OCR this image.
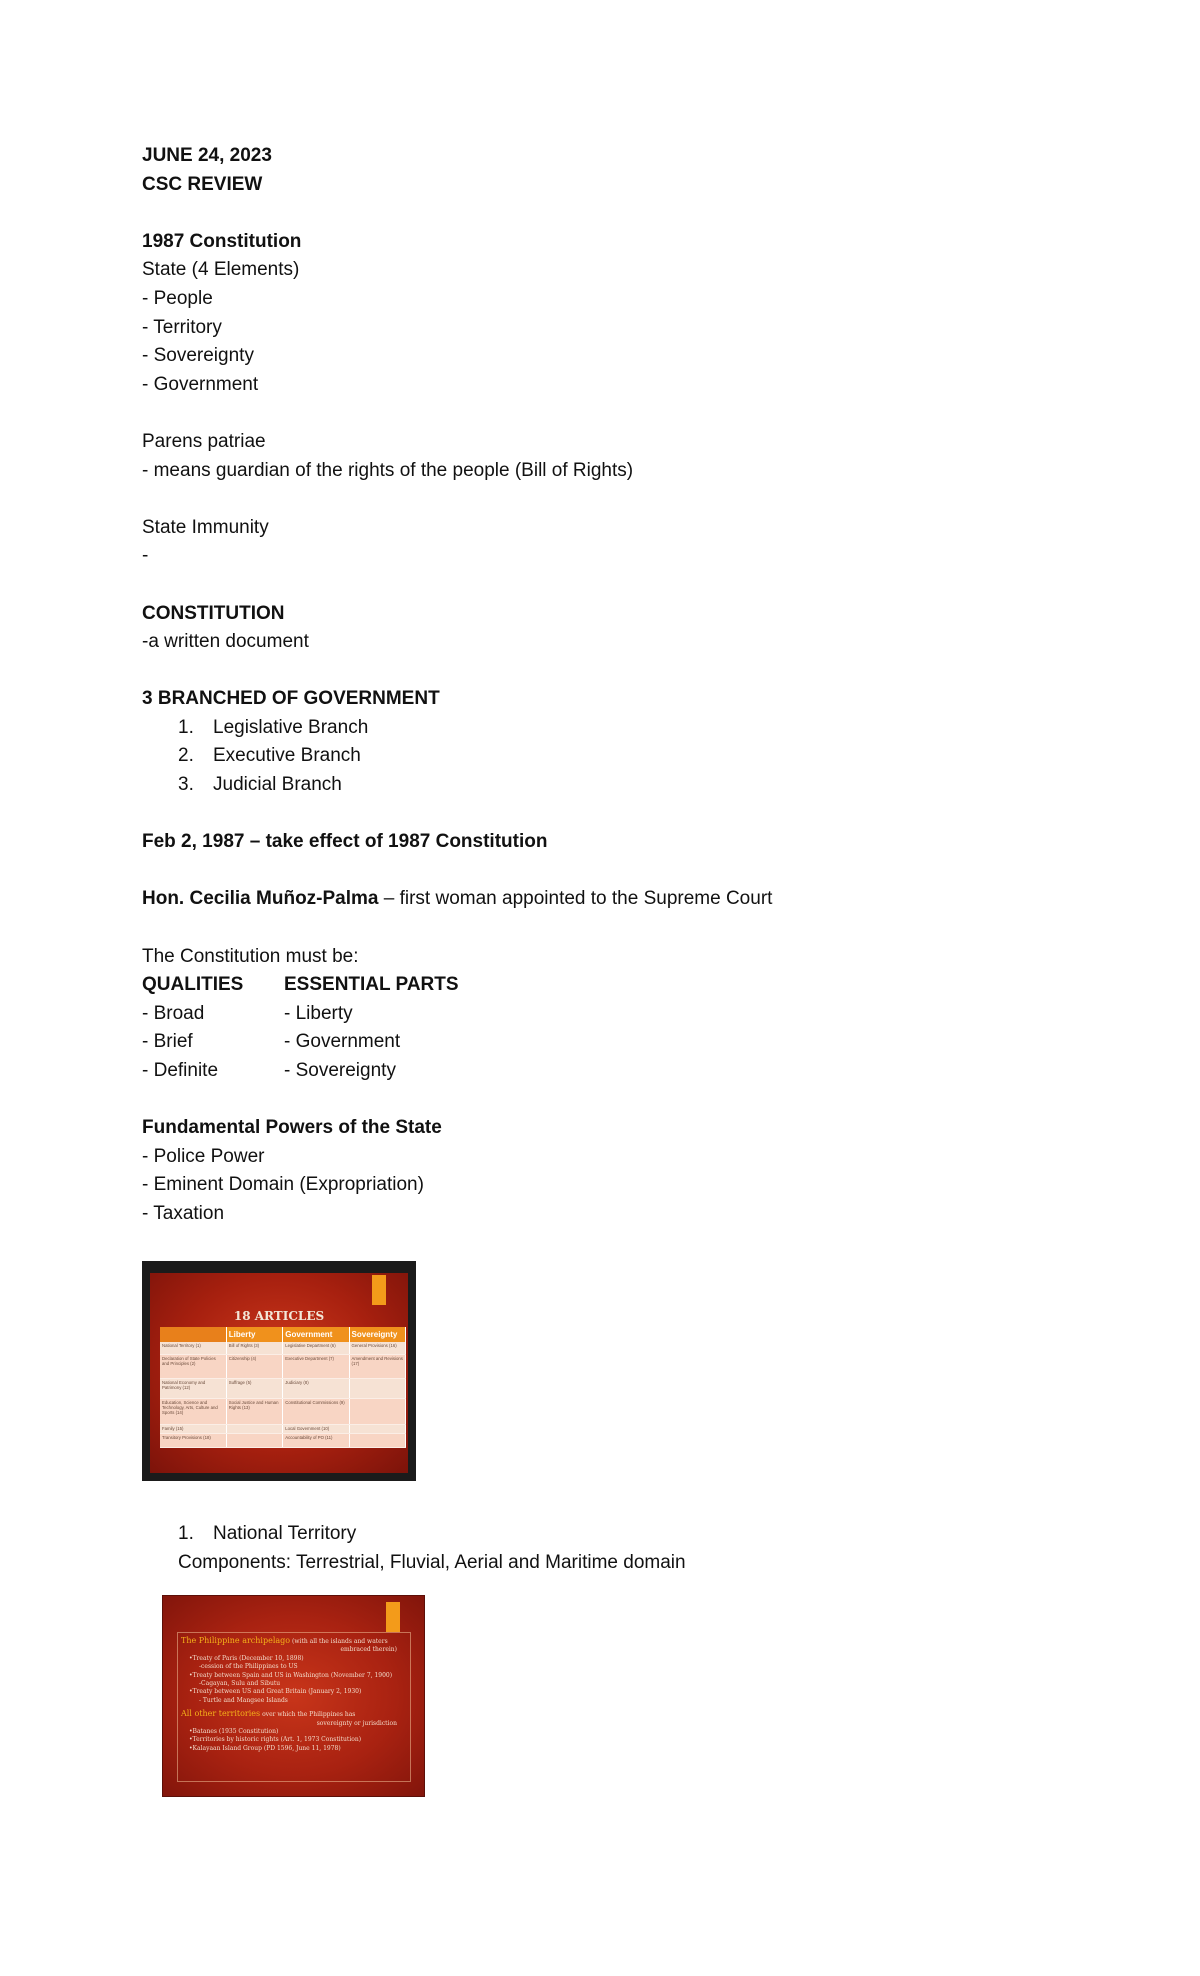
JUNE 24, 2023
CSC REVIEW
1987 Constitution
State (4 Elements)
- People
- Territory
- Sovereignty
- Government
Parens patriae
- means guardian of the rights of the people (Bill of Rights)
State Immunity
-
CONSTITUTION
-a written document
3 BRANCHED OF GOVERNMENT
1. Legislative Branch
2. Executive Branch
3. Judicial Branch
Feb 2, 1987 – take effect of 1987 Constitution
Hon. Cecilia Muñoz-Palma – first woman appointed to the Supreme Court
The Constitution must be:
QUALITIES	ESSENTIAL PARTS
- Broad	- Liberty
- Brief	- Government
- Definite	- Sovereignty
Fundamental Powers of the State
- Police Power
- Eminent Domain (Expropriation)
- Taxation
18 ARTICLES
	Liberty	Government	Sovereignty
National Territory (1)	Bill of Rights (3)	Legislative Department (6)	General Provisions (16)
Declaration of State Policies and Principles (2)	Citizenship (4)	Executive Department (7)	Amendment and Revisions (17)
National Economy and Patrimony (12)	Suffrage (5)	Judiciary (8)	
Education, Science and Technology, Arts, Culture and Sports (14)	Social Justice and Human Rights (13)	Constitutional Commissions (9)	
Family (15)		Local Government (10)	
Transitory Provisions (18)		Accountability of PO (11)	
1. National Territory
Components: Terrestrial, Fluvial, Aerial and Maritime domain
The Philippine archipelago (with all the islands and waters
embraced therein)
•Treaty of Paris (December 10, 1898)
-cession of the Philippines to US
•Treaty between Spain and US in Washington (November 7, 1900)
-Cagayan, Sulu and Sibutu
•Treaty between US and Great Britain (January 2, 1930)
- Turtle and Mangsee Islands
All other territories over which the Philippines has
sovereignty or jurisdiction
•Batanes (1935 Constitution)
•Territories by historic rights (Art. 1, 1973 Constitution)
•Kalayaan Island Group (PD 1596, June 11, 1978)
